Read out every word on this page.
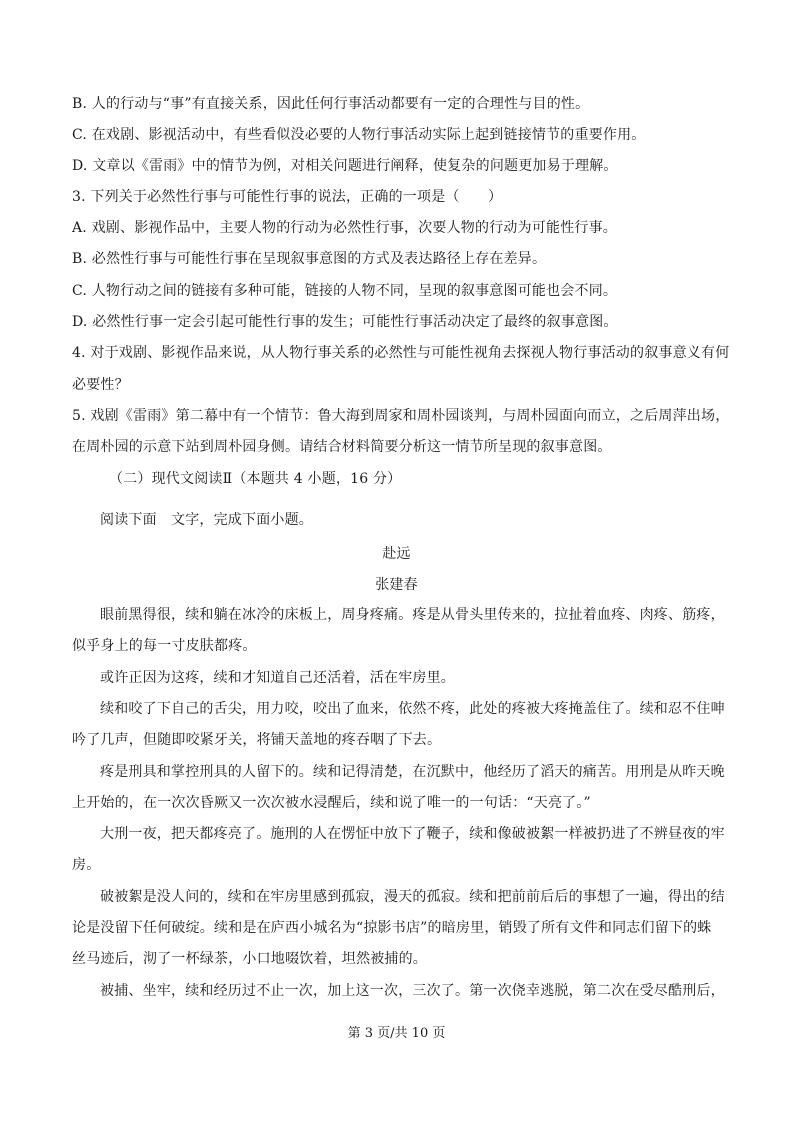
B. 人的行动与“事”有直接关系，因此任何行事活动都要有一定的合理性与目的性。
C. 在戏剧、影视活动中，有些看似没必要的人物行事活动实际上起到链接情节的重要作用。
D. 文章以《雷雨》中的情节为例，对相关问题进行阐释，使复杂的问题更加易于理解。
3. 下列关于必然性行事与可能性行事的说法，正确的一项是（　　）
A. 戏剧、影视作品中，主要人物的行动为必然性行事，次要人物的行动为可能性行事。
B. 必然性行事与可能性行事在呈现叙事意图的方式及表达路径上存在差异。
C. 人物行动之间的链接有多种可能，链接的人物不同，呈现的叙事意图可能也会不同。
D. 必然性行事一定会引起可能性行事的发生；可能性行事活动决定了最终的叙事意图。
4. 对于戏剧、影视作品来说，从人物行事关系的必然性与可能性视角去探视人物行事活动的叙事意义有何
必要性？
5. 戏剧《雷雨》第二幕中有一个情节：鲁大海到周家和周朴园谈判，与周朴园面向而立，之后周萍出场，
在周朴园的示意下站到周朴园身侧。请结合材料简要分析这一情节所呈现的叙事意图。
（二）现代文阅读Ⅱ（本题共 4 小题，16 分）
阅读下面　文字，完成下面小题。
赴远
张建春
眼前黑得很，续和躺在冰冷的床板上，周身疼痛。疼是从骨头里传来的，拉扯着血疼、肉疼、筋疼，
似乎身上的每一寸皮肤都疼。
或许正因为这疼，续和才知道自己还活着，活在牢房里。
续和咬了下自己的舌尖，用力咬，咬出了血来，依然不疼，此处的疼被大疼掩盖住了。续和忍不住呻
吟了几声，但随即咬紧牙关，将铺天盖地的疼吞咽了下去。
疼是刑具和掌控刑具的人留下的。续和记得清楚，在沉默中，他经历了滔天的痛苦。用刑是从昨天晚
上开始的，在一次次昏厥又一次次被水浸醒后，续和说了唯一的一句话：“天亮了。”
大刑一夜，把天都疼亮了。施刑的人在愣怔中放下了鞭子，续和像破被絮一样被扔进了不辨昼夜的牢
房。
破被絮是没人问的，续和在牢房里感到孤寂，漫天的孤寂。续和把前前后后的事想了一遍，得出的结
论是没留下任何破绽。续和是在庐西小城名为“掠影书店”的暗房里，销毁了所有文件和同志们留下的蛛
丝马迹后，沏了一杯绿茶，小口地啜饮着，坦然被捕的。
被捕、坐牢，续和经历过不止一次，加上这一次，三次了。第一次侥幸逃脱，第二次在受尽酷刑后，
第 3 页/共 10 页
